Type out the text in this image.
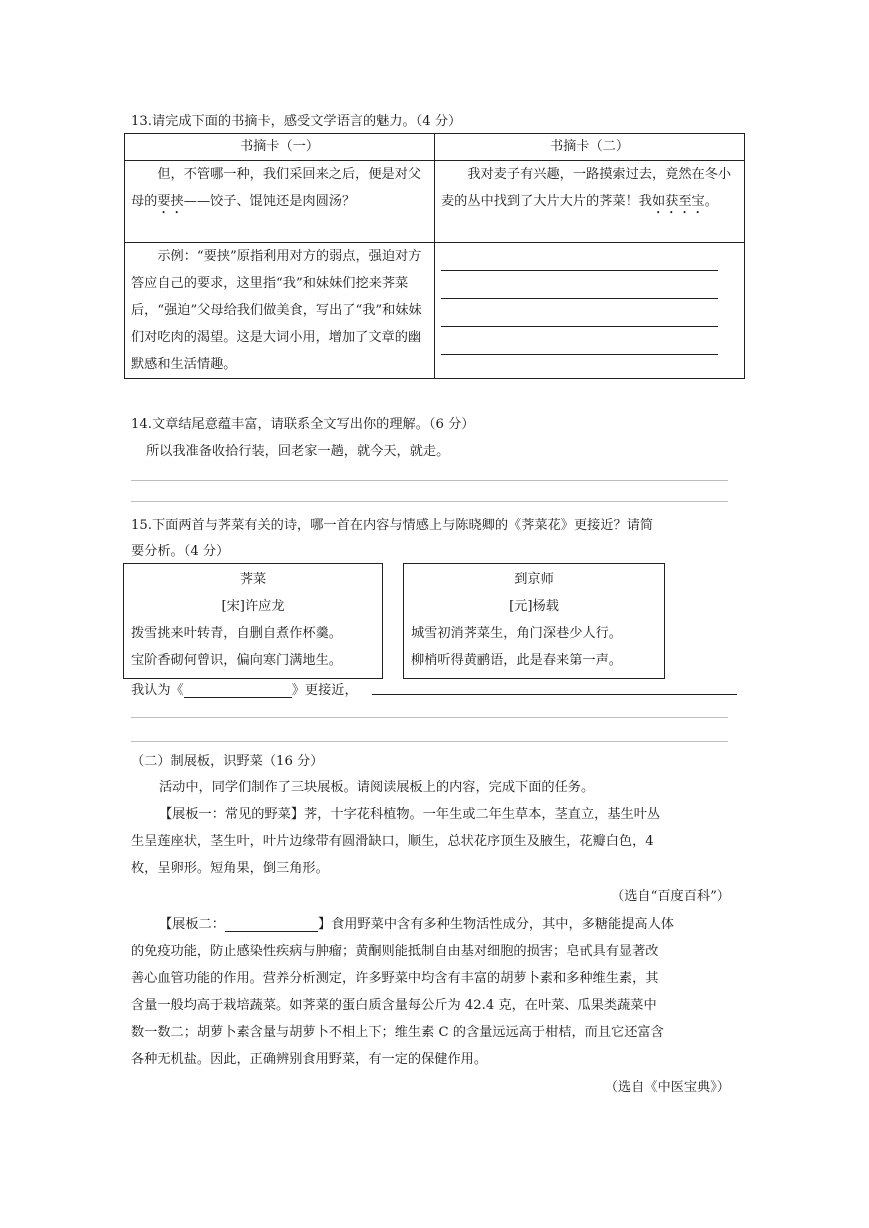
13.请完成下面的书摘卡，感受文学语言的魅力。（4 分）
书摘卡（一）	书摘卡（二）
　　但，不管哪一种，我们采回来之后，便是对父母的要挟——饺子、馄饨还是肉圆汤？	　　我对麦子有兴趣，一路摸索过去，竟然在冬小麦的丛中找到了大片大片的荠菜！我如获至宝。
　　示例：“要挟”原指利用对方的弱点，强迫对方答应自己的要求，这里指“我”和妹妹们挖来荠菜后，“强迫”父母给我们做美食，写出了“我”和妹妹们对吃肉的渴望。这是大词小用，增加了文章的幽默感和生活情趣。	
14.文章结尾意蕴丰富，请联系全文写出你的理解。（6 分）
所以我准备收拾行装，回老家一趟，就今天，就走。
15.下面两首与荠菜有关的诗，哪一首在内容与情感上与陈晓卿的《荠菜花》更接近？请简
要分析。（4 分）
荠菜
[宋]许应龙
拨雪挑来叶转青，自删自煮作杯羹。
宝阶香砌何曾识，偏向寒门满地生。
到京师
[元]杨载
城雪初消荠菜生，角门深巷少人行。
柳梢听得黄鹂语，此是春来第一声。
我认为《	》更接近，
（二）制展板，识野菜（16 分）
活动中，同学们制作了三块展板。请阅读展板上的内容，完成下面的任务。
【展板一：常见的野菜】荠，十字花科植物。一年生或二年生草本，茎直立，基生叶丛
生呈莲座状，茎生叶，叶片边缘带有圆滑缺口，顺生，总状花序顶生及腋生，花瓣白色，4
枚，呈卵形。短角果，倒三角形。
（选自“百度百科”）
【展板二：	】食用野菜中含有多种生物活性成分，其中，多糖能提高人体
的免疫功能，防止感染性疾病与肿瘤；黄酮则能抵制自由基对细胞的损害；皂甙具有显著改
善心血管功能的作用。营养分析测定，许多野菜中均含有丰富的胡萝卜素和多种维生素，其
含量一般均高于栽培蔬菜。如荠菜的蛋白质含量每公斤为 42.4 克，在叶菜、瓜果类蔬菜中
数一数二；胡萝卜素含量与胡萝卜不相上下；维生素 C 的含量远远高于柑桔，而且它还富含
各种无机盐。因此，正确辨别食用野菜，有一定的保健作用。
（选自《中医宝典》）
